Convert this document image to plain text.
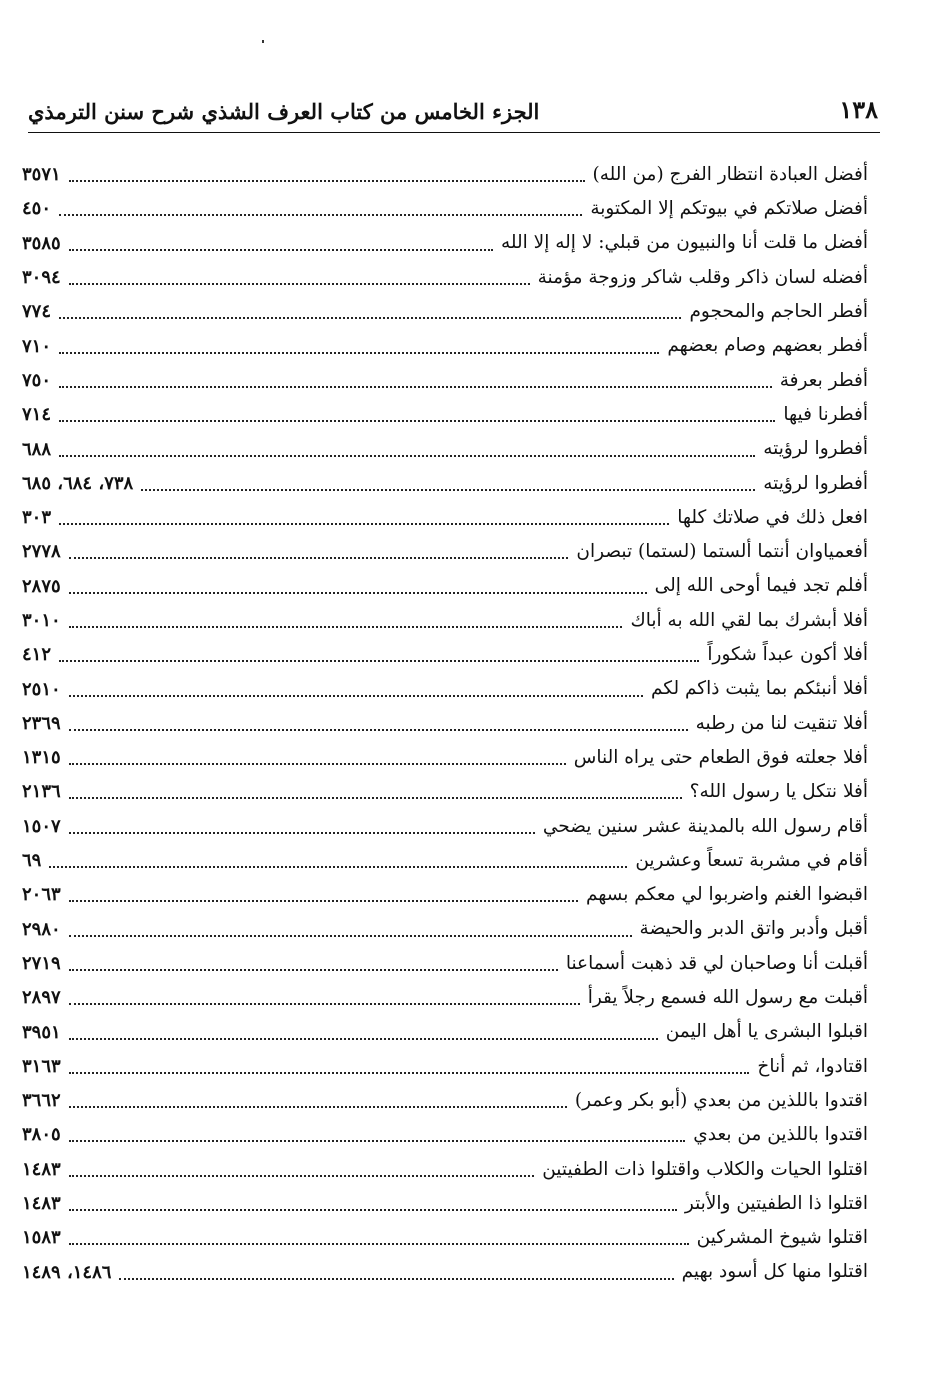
١٣٨
الجزء الخامس من كتاب العرف الشذي شرح سنن الترمذي
أفضل العبادة انتظار الفرج (من الله)
٣٥٧١
أفضل صلاتكم في بيوتكم إلا المكتوبة
٤٥٠
أفضل ما قلت أنا والنبيون من قبلي: لا إله إلا الله
٣٥٨٥
أفضله لسان ذاكر وقلب شاكر وزوجة مؤمنة
٣٠٩٤
أفطر الحاجم والمحجوم
٧٧٤
أفطر بعضهم وصام بعضهم
٧١٠
أفطر بعرفة
٧٥٠
أفطرنا فيها
٧١٤
أفطروا لرؤيته
٦٨٨
أفطروا لرؤيته
٧٣٨، ٦٨٤، ٦٨٥
افعل ذلك في صلاتك كلها
٣٠٣
أفعمياوان أنتما ألستما (لستما) تبصران
٢٧٧٨
أفلم تجد فيما أوحى الله إلى
٢٨٧٥
أفلا أبشرك بما لقي الله به أباك
٣٠١٠
أفلا أكون عبداً شكوراً
٤١٢
أفلا أنبئكم بما يثبت ذاكم لكم
٢٥١٠
أفلا تنقيت لنا من رطبه
٢٣٦٩
أفلا جعلته فوق الطعام حتى يراه الناس
١٣١٥
أفلا نتكل يا رسول الله؟
٢١٣٦
أقام رسول الله بالمدينة عشر سنين يضحي
١٥٠٧
أقام في مشربة تسعاً وعشرين
٦٩
اقبضوا الغنم واضربوا لي معكم بسهم
٢٠٦٣
أقبل وأدبر واتق الدبر والحيضة
٢٩٨٠
أقبلت أنا وصاحبان لي قد ذهبت أسماعنا
٢٧١٩
أقبلت مع رسول الله فسمع رجلاً يقرأ
٢٨٩٧
اقبلوا البشرى يا أهل اليمن
٣٩٥١
اقتادوا، ثم أناخ
٣١٦٣
اقتدوا باللذين من بعدي (أبو بكر وعمر)
٣٦٦٢
اقتدوا باللذين من بعدي
٣٨٠٥
اقتلوا الحيات والكلاب واقتلوا ذات الطفيتين
١٤٨٣
اقتلوا ذا الطفيتين والأبتر
١٤٨٣
اقتلوا شيوخ المشركين
١٥٨٣
اقتلوا منها كل أسود بهيم
١٤٨٦، ١٤٨٩
